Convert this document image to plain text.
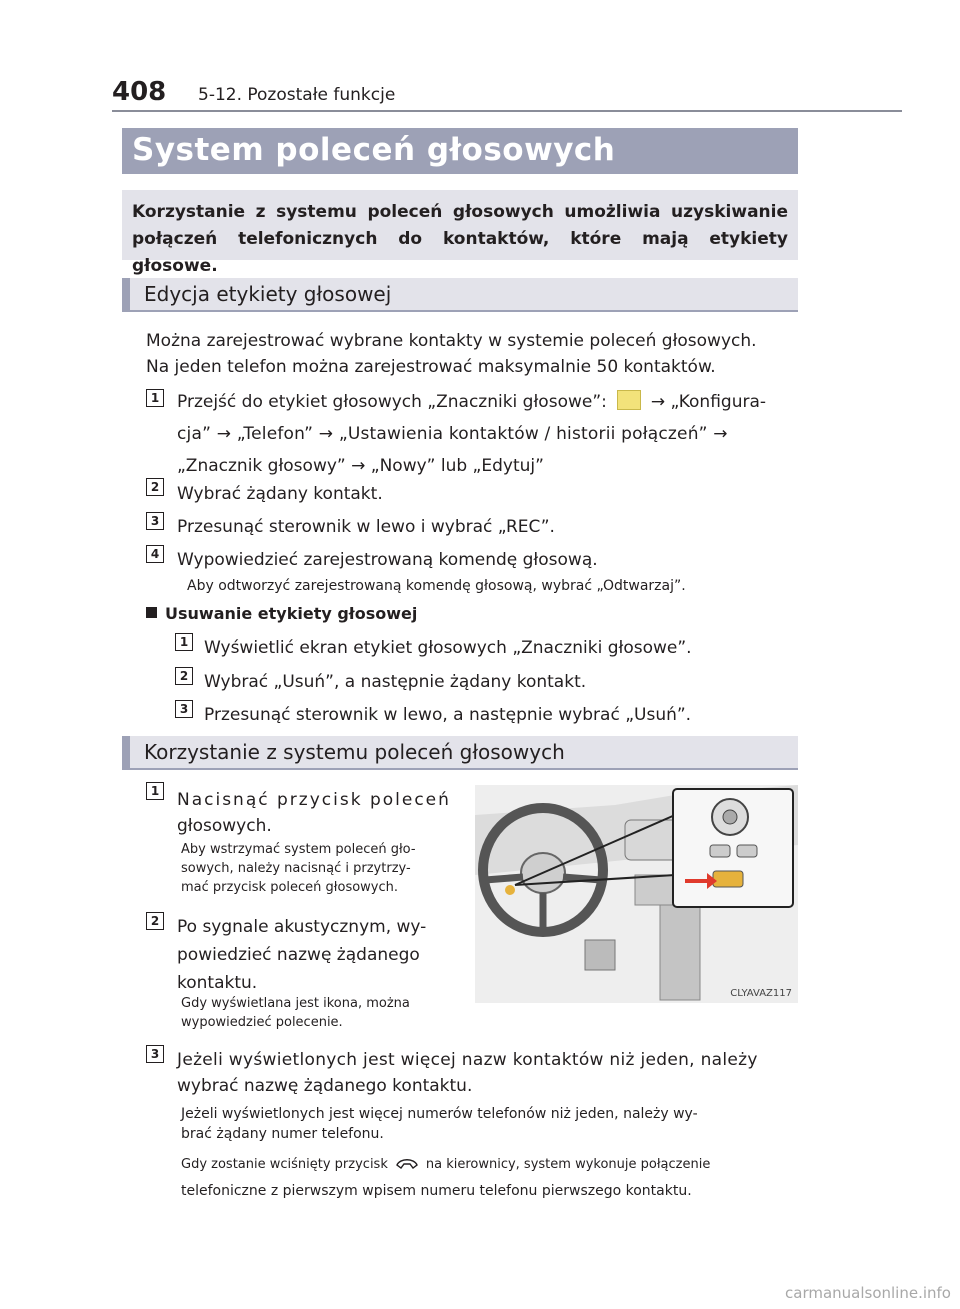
408 5-12. Pozostałe funkcje
System poleceń głosowych

Korzystanie z systemu poleceń głosowych umożliwia uzyskiwanie połączeń telefonicznych do kontaktów, które mają etykiety głosowe.

Edycja etykiety głosowej
Można zarejestrować wybrane kontakty w systemie poleceń głosowych.
Na jeden telefon można zarejestrować maksymalnie 50 kontaktów.
1 Przejść do etykiet głosowych „Znaczniki głosowe”:	→ „Konfigura-
cja” → „Telefon” → „Ustawienia kontaktów / historii połączeń” →
„Znacznik głosowy” → „Nowy” lub „Edytuj”
2 Wybrać żądany kontakt.
3 Przesunąć sterownik w lewo i wybrać „REC”.
4 Wypowiedzieć zarejestrowaną komendę głosową.
Aby odtworzyć zarejestrowaną komendę głosową, wybrać „Odtwarzaj”.
Usuwanie etykiety głosowej
1 Wyświetlić ekran etykiet głosowych „Znaczniki głosowe”.
2 Wybrać „Usuń”, a następnie żądany kontakt.
3 Przesunąć sterownik w lewo, a następnie wybrać „Usuń”.
Korzystanie z systemu poleceń głosowych
1 Nacisnąć przycisk poleceń
głosowych.
Aby wstrzymać system poleceń gło-
sowych, należy nacisnąć i przytrzy-
mać przycisk poleceń głosowych.
2 Po sygnale akustycznym, wy-
powiedzieć nazwę żądanego
kontaktu.
Gdy wyświetlana jest ikona, można
wypowiedzieć polecenie.
CLYAVAZ117
3 Jeżeli wyświetlonych jest więcej nazw kontaktów niż jeden, należy
wybrać nazwę żądanego kontaktu.
Jeżeli wyświetlonych jest więcej numerów telefonów niż jeden, należy wy-
brać żądany numer telefonu.
Gdy zostanie wciśnięty przycisk	na kierownicy, system wykonuje połączenie
telefoniczne z pierwszym wpisem numeru telefonu pierwszego kontaktu.
carmanualsonline.info
